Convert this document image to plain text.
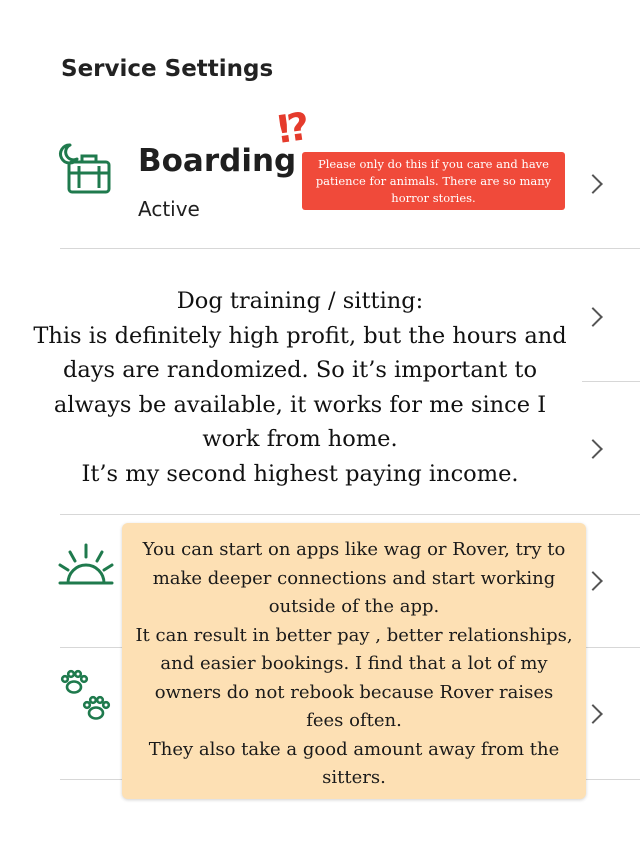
Service Settings
Boarding
Active
⁉
Please only do this if you care and have patience for animals. There are so many horror stories.
Dog training / sitting:
This is definitely high profit, but the hours and
days are randomized. So it’s important to
always be available, it works for me since I
work from home.
It’s my second highest paying income.
You can start on apps like wag or Rover, try to
make deeper connections and start working
outside of the app.
It can result in better pay , better relationships,
and easier bookings. I find that a lot of my
owners do not rebook because Rover raises
fees often.
They also take a good amount away from the
sitters.
